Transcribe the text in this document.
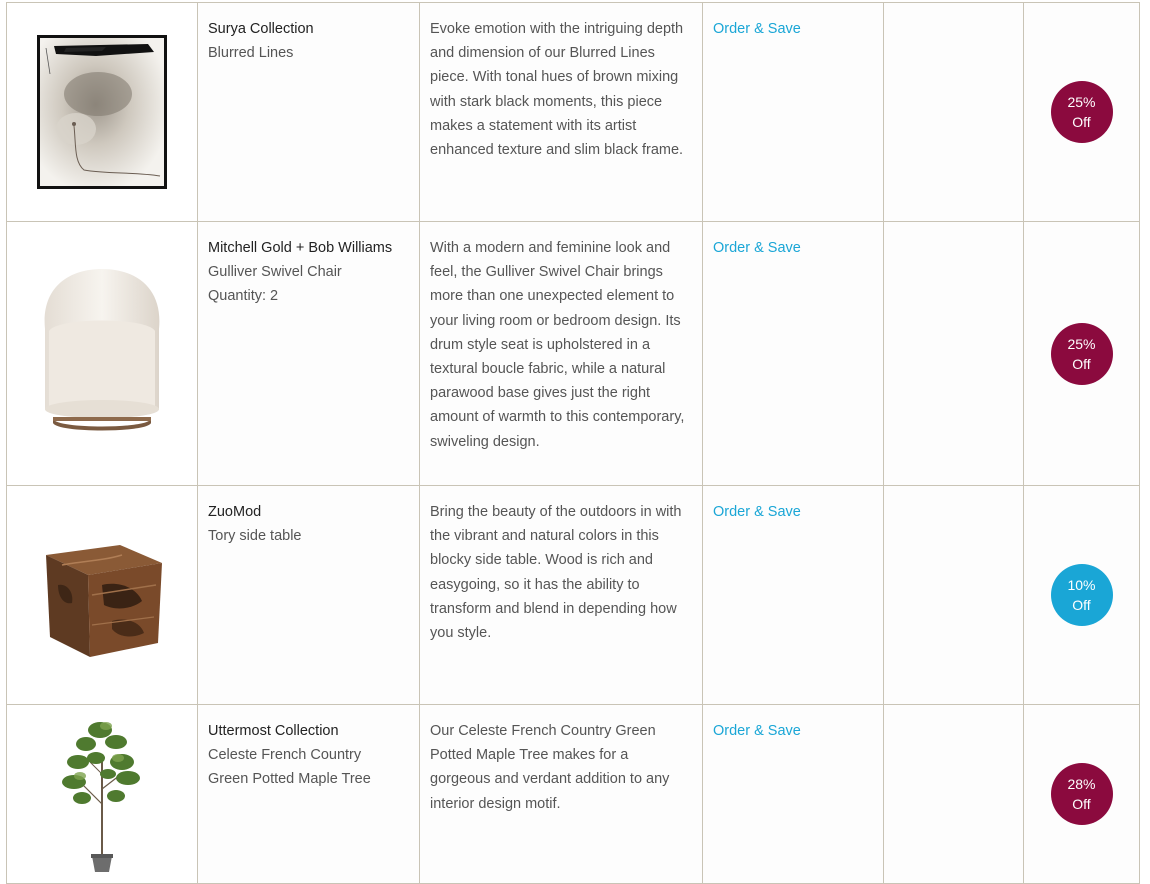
Surya Collection
Blurred Lines
Evoke emotion with the intriguing depth and dimension of our Blurred Lines piece. With tonal hues of brown mixing with stark black moments, this piece makes a statement with its artist enhanced texture and slim black frame.
Order & Save
25%
Off
Mitchell Gold + Bob Williams
Gulliver Swivel Chair
Quantity: 2
With a modern and feminine look and feel, the Gulliver Swivel Chair brings more than one unexpected element to your living room or bedroom design. Its drum style seat is upholstered in a textural boucle fabric, while a natural parawood base gives just the right amount of warmth to this contemporary, swiveling design.
Order & Save
25%
Off
ZuoMod
Tory side table
Bring the beauty of the outdoors in with the vibrant and natural colors in this blocky side table. Wood is rich and easygoing, so it has the ability to transform and blend in depending how you style.
Order & Save
10%
Off
Uttermost Collection
Celeste French Country
Green Potted Maple Tree
Our Celeste French Country Green Potted Maple Tree makes for a gorgeous and verdant addition to any interior design motif.
Order & Save
28%
Off
